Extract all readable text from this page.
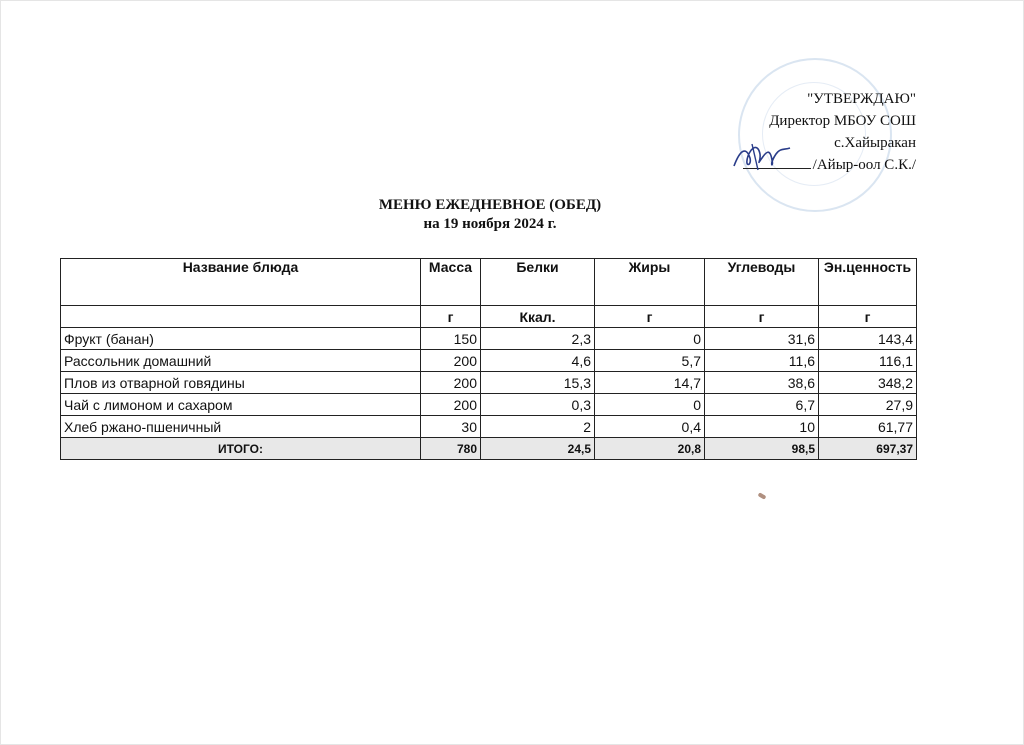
"УТВЕРЖДАЮ"
Директор МБОУ СОШ
с.Хайыракан
/Айыр-оол С.К./
МЕНЮ ЕЖЕДНЕВНОЕ (ОБЕД)
на 19 ноября 2024 г.
Название блюда	Масса	Белки	Жиры	Углеводы	Эн.ценность
	г	Ккал.	г	г	г
Фрукт (банан)	150	2,3	0	31,6	143,4
Рассольник домашний	200	4,6	5,7	11,6	116,1
Плов из отварной говядины	200	15,3	14,7	38,6	348,2
Чай с лимоном и сахаром	200	0,3	0	6,7	27,9
Хлеб ржано-пшеничный	30	2	0,4	10	61,77
ИТОГО:	780	24,5	20,8	98,5	697,37
